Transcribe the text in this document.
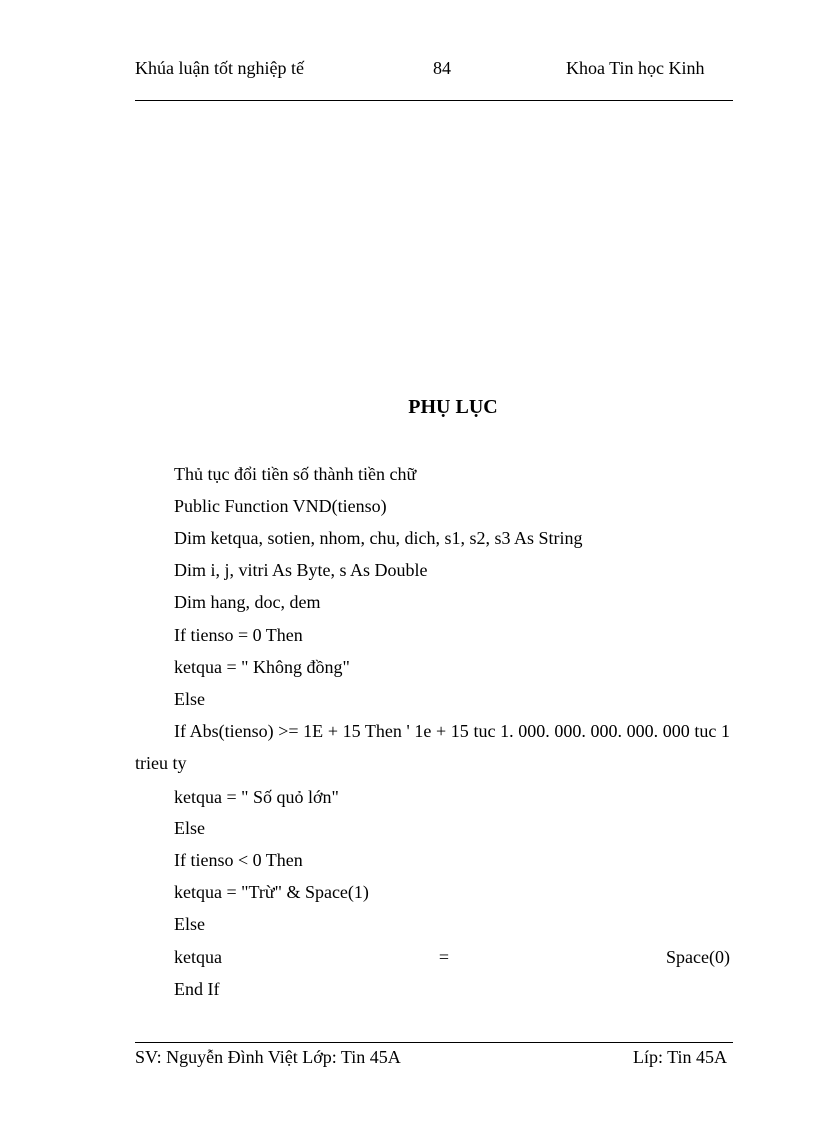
Khúa luận tốt nghiệp tế	84	Khoa Tin học Kinh
PHỤ LỤC
Thủ tục đổi tiền số thành tiền chữ
Public Function VND(tienso)
Dim ketqua, sotien, nhom, chu, dich, s1, s2, s3 As String
Dim i, j, vitri As Byte, s As Double
Dim hang, doc, dem
If tienso = 0 Then
ketqua = " Không đồng"
Else
If Abs(tienso) >= 1E + 15 Then ' 1e + 15 tuc 1. 000. 000. 000. 000. 000 tuc 1 trieu ty
ketqua = " Số quỏ lớn"
Else
If tienso < 0 Then
ketqua = "Trừ" & Space(1)
Else
ketqua	=	Space(0)
End If
SV: Nguyễn Đình Việt Lớp: Tin 45A	Líp: Tin 45A
